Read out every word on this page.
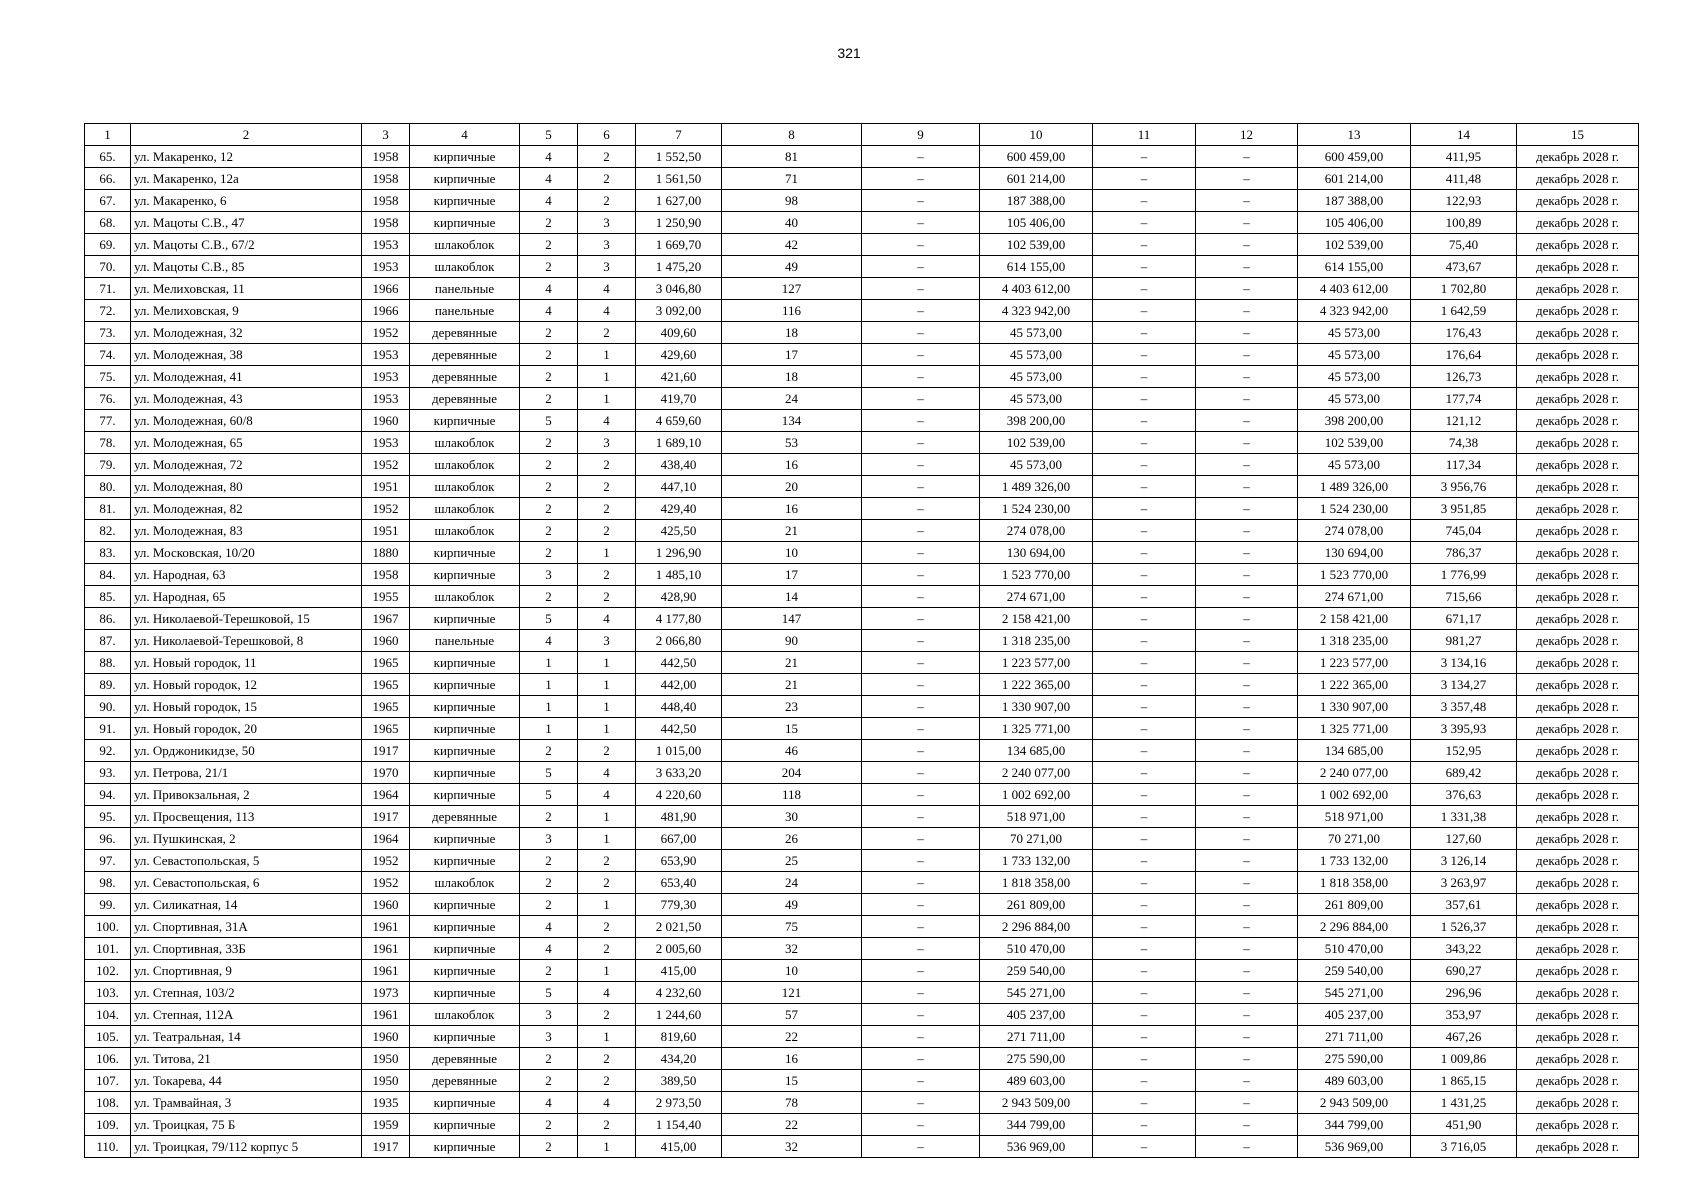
321
1	2	3	4	5	6	7	8	9	10	11	12	13	14	15
65.	ул. Макаренко, 12	1958	кирпичные	4	2	1 552,50	81	–	600 459,00	–	–	600 459,00	411,95	декабрь 2028 г.
66.	ул. Макаренко, 12а	1958	кирпичные	4	2	1 561,50	71	–	601 214,00	–	–	601 214,00	411,48	декабрь 2028 г.
67.	ул. Макаренко, 6	1958	кирпичные	4	2	1 627,00	98	–	187 388,00	–	–	187 388,00	122,93	декабрь 2028 г.
68.	ул. Мацоты С.В., 47	1958	кирпичные	2	3	1 250,90	40	–	105 406,00	–	–	105 406,00	100,89	декабрь 2028 г.
69.	ул. Мацоты С.В., 67/2	1953	шлакоблок	2	3	1 669,70	42	–	102 539,00	–	–	102 539,00	75,40	декабрь 2028 г.
70.	ул. Мацоты С.В., 85	1953	шлакоблок	2	3	1 475,20	49	–	614 155,00	–	–	614 155,00	473,67	декабрь 2028 г.
71.	ул. Мелиховская, 11	1966	панельные	4	4	3 046,80	127	–	4 403 612,00	–	–	4 403 612,00	1 702,80	декабрь 2028 г.
72.	ул. Мелиховская, 9	1966	панельные	4	4	3 092,00	116	–	4 323 942,00	–	–	4 323 942,00	1 642,59	декабрь 2028 г.
73.	ул. Молодежная, 32	1952	деревянные	2	2	409,60	18	–	45 573,00	–	–	45 573,00	176,43	декабрь 2028 г.
74.	ул. Молодежная, 38	1953	деревянные	2	1	429,60	17	–	45 573,00	–	–	45 573,00	176,64	декабрь 2028 г.
75.	ул. Молодежная, 41	1953	деревянные	2	1	421,60	18	–	45 573,00	–	–	45 573,00	126,73	декабрь 2028 г.
76.	ул. Молодежная, 43	1953	деревянные	2	1	419,70	24	–	45 573,00	–	–	45 573,00	177,74	декабрь 2028 г.
77.	ул. Молодежная, 60/8	1960	кирпичные	5	4	4 659,60	134	–	398 200,00	–	–	398 200,00	121,12	декабрь 2028 г.
78.	ул. Молодежная, 65	1953	шлакоблок	2	3	1 689,10	53	–	102 539,00	–	–	102 539,00	74,38	декабрь 2028 г.
79.	ул. Молодежная, 72	1952	шлакоблок	2	2	438,40	16	–	45 573,00	–	–	45 573,00	117,34	декабрь 2028 г.
80.	ул. Молодежная, 80	1951	шлакоблок	2	2	447,10	20	–	1 489 326,00	–	–	1 489 326,00	3 956,76	декабрь 2028 г.
81.	ул. Молодежная, 82	1952	шлакоблок	2	2	429,40	16	–	1 524 230,00	–	–	1 524 230,00	3 951,85	декабрь 2028 г.
82.	ул. Молодежная, 83	1951	шлакоблок	2	2	425,50	21	–	274 078,00	–	–	274 078,00	745,04	декабрь 2028 г.
83.	ул. Московская, 10/20	1880	кирпичные	2	1	1 296,90	10	–	130 694,00	–	–	130 694,00	786,37	декабрь 2028 г.
84.	ул. Народная, 63	1958	кирпичные	3	2	1 485,10	17	–	1 523 770,00	–	–	1 523 770,00	1 776,99	декабрь 2028 г.
85.	ул. Народная, 65	1955	шлакоблок	2	2	428,90	14	–	274 671,00	–	–	274 671,00	715,66	декабрь 2028 г.
86.	ул. Николаевой-Терешковой, 15	1967	кирпичные	5	4	4 177,80	147	–	2 158 421,00	–	–	2 158 421,00	671,17	декабрь 2028 г.
87.	ул. Николаевой-Терешковой, 8	1960	панельные	4	3	2 066,80	90	–	1 318 235,00	–	–	1 318 235,00	981,27	декабрь 2028 г.
88.	ул. Новый городок, 11	1965	кирпичные	1	1	442,50	21	–	1 223 577,00	–	–	1 223 577,00	3 134,16	декабрь 2028 г.
89.	ул. Новый городок, 12	1965	кирпичные	1	1	442,00	21	–	1 222 365,00	–	–	1 222 365,00	3 134,27	декабрь 2028 г.
90.	ул. Новый городок, 15	1965	кирпичные	1	1	448,40	23	–	1 330 907,00	–	–	1 330 907,00	3 357,48	декабрь 2028 г.
91.	ул. Новый городок, 20	1965	кирпичные	1	1	442,50	15	–	1 325 771,00	–	–	1 325 771,00	3 395,93	декабрь 2028 г.
92.	ул. Орджоникидзе, 50	1917	кирпичные	2	2	1 015,00	46	–	134 685,00	–	–	134 685,00	152,95	декабрь 2028 г.
93.	ул. Петрова, 21/1	1970	кирпичные	5	4	3 633,20	204	–	2 240 077,00	–	–	2 240 077,00	689,42	декабрь 2028 г.
94.	ул. Привокзальная, 2	1964	кирпичные	5	4	4 220,60	118	–	1 002 692,00	–	–	1 002 692,00	376,63	декабрь 2028 г.
95.	ул. Просвещения, 113	1917	деревянные	2	1	481,90	30	–	518 971,00	–	–	518 971,00	1 331,38	декабрь 2028 г.
96.	ул. Пушкинская, 2	1964	кирпичные	3	1	667,00	26	–	70 271,00	–	–	70 271,00	127,60	декабрь 2028 г.
97.	ул. Севастопольская, 5	1952	кирпичные	2	2	653,90	25	–	1 733 132,00	–	–	1 733 132,00	3 126,14	декабрь 2028 г.
98.	ул. Севастопольская, 6	1952	шлакоблок	2	2	653,40	24	–	1 818 358,00	–	–	1 818 358,00	3 263,97	декабрь 2028 г.
99.	ул. Силикатная, 14	1960	кирпичные	2	1	779,30	49	–	261 809,00	–	–	261 809,00	357,61	декабрь 2028 г.
100.	ул. Спортивная, 31А	1961	кирпичные	4	2	2 021,50	75	–	2 296 884,00	–	–	2 296 884,00	1 526,37	декабрь 2028 г.
101.	ул. Спортивная, 33Б	1961	кирпичные	4	2	2 005,60	32	–	510 470,00	–	–	510 470,00	343,22	декабрь 2028 г.
102.	ул. Спортивная, 9	1961	кирпичные	2	1	415,00	10	–	259 540,00	–	–	259 540,00	690,27	декабрь 2028 г.
103.	ул. Степная, 103/2	1973	кирпичные	5	4	4 232,60	121	–	545 271,00	–	–	545 271,00	296,96	декабрь 2028 г.
104.	ул. Степная, 112А	1961	шлакоблок	3	2	1 244,60	57	–	405 237,00	–	–	405 237,00	353,97	декабрь 2028 г.
105.	ул. Театральная, 14	1960	кирпичные	3	1	819,60	22	–	271 711,00	–	–	271 711,00	467,26	декабрь 2028 г.
106.	ул. Титова, 21	1950	деревянные	2	2	434,20	16	–	275 590,00	–	–	275 590,00	1 009,86	декабрь 2028 г.
107.	ул. Токарева, 44	1950	деревянные	2	2	389,50	15	–	489 603,00	–	–	489 603,00	1 865,15	декабрь 2028 г.
108.	ул. Трамвайная, 3	1935	кирпичные	4	4	2 973,50	78	–	2 943 509,00	–	–	2 943 509,00	1 431,25	декабрь 2028 г.
109.	ул. Троицкая, 75 Б	1959	кирпичные	2	2	1 154,40	22	–	344 799,00	–	–	344 799,00	451,90	декабрь 2028 г.
110.	ул. Троицкая, 79/112 корпус 5	1917	кирпичные	2	1	415,00	32	–	536 969,00	–	–	536 969,00	3 716,05	декабрь 2028 г.
